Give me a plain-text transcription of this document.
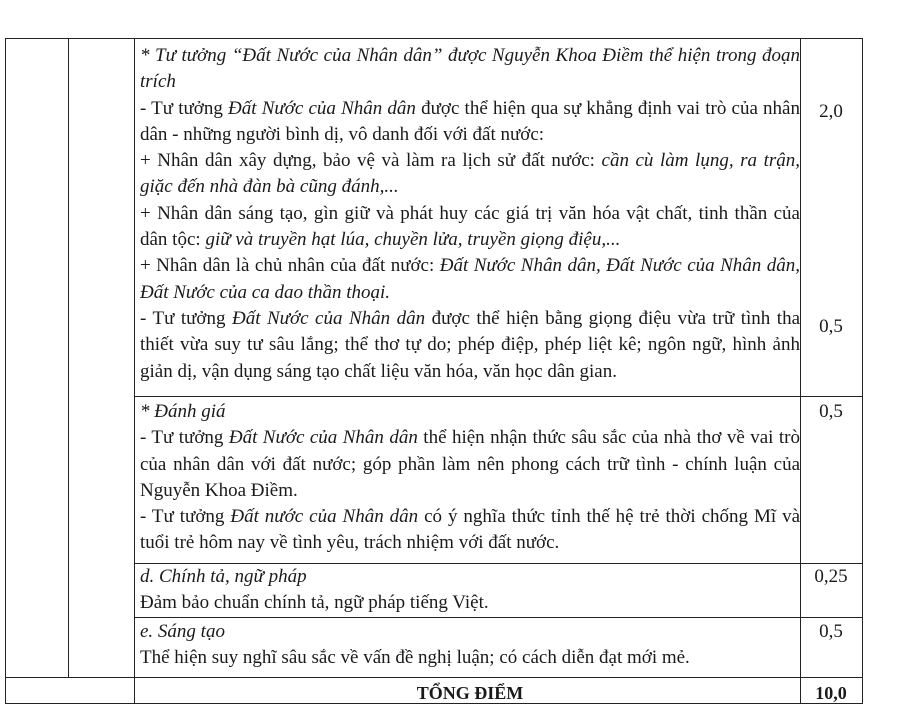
* Tư tưởng “Đất Nước của Nhân dân” được Nguyễn Khoa Điềm thể hiện trong đoạn trích

- Tư tưởng Đất Nước của Nhân dân được thể hiện qua sự khẳng định vai trò của nhân dân - những người bình dị, vô danh đối với đất nước:

+ Nhân dân xây dựng, bảo vệ và làm ra lịch sử đất nước: cần cù làm lụng, ra trận, giặc đến nhà đàn bà cũng đánh,...

+ Nhân dân sáng tạo, gìn giữ và phát huy các giá trị văn hóa vật chất, tinh thần của dân tộc: giữ và truyền hạt lúa, chuyền lửa, truyền giọng điệu,...

+ Nhân dân là chủ nhân của đất nước: Đất Nước Nhân dân, Đất Nước của Nhân dân, Đất Nước của ca dao thần thoại.

- Tư tưởng Đất Nước của Nhân dân được thể hiện bằng giọng điệu vừa trữ tình tha thiết vừa suy tư sâu lắng; thể thơ tự do; phép điệp, phép liệt kê; ngôn ngữ, hình ảnh giản dị, vận dụng sáng tạo chất liệu văn hóa, văn học dân gian.

2,0
0,5

* Đánh giá

- Tư tưởng Đất Nước của Nhân dân thể hiện nhận thức sâu sắc của nhà thơ về vai trò của nhân dân với đất nước; góp phần làm nên phong cách trữ tình - chính luận của Nguyễn Khoa Điềm.

- Tư tưởng Đất nước của Nhân dân có ý nghĩa thức tỉnh thế hệ trẻ thời chống Mĩ và tuổi trẻ hôm nay về tình yêu, trách nhiệm với đất nước.

0,5

d. Chính tả, ngữ pháp

Đảm bảo chuẩn chính tả, ngữ pháp tiếng Việt.

0,25

e. Sáng tạo

Thể hiện suy nghĩ sâu sắc về vấn đề nghị luận; có cách diễn đạt mới mẻ.

0,5
TỔNG ĐIỂM	10,0
